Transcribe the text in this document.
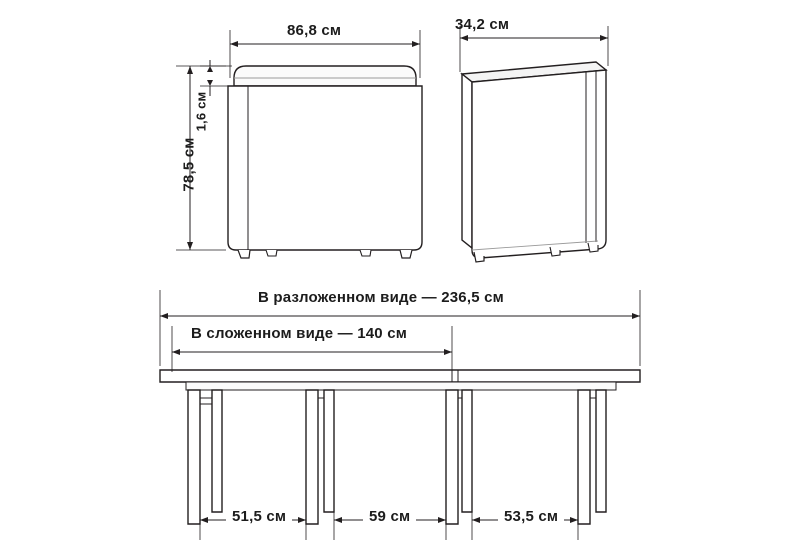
86,8 см
78,5 см
1,6 см
34,2 см
В разложенном виде — 236,5 см
В сложенном виде — 140 см
51,5 см	59 см	53,5 см
